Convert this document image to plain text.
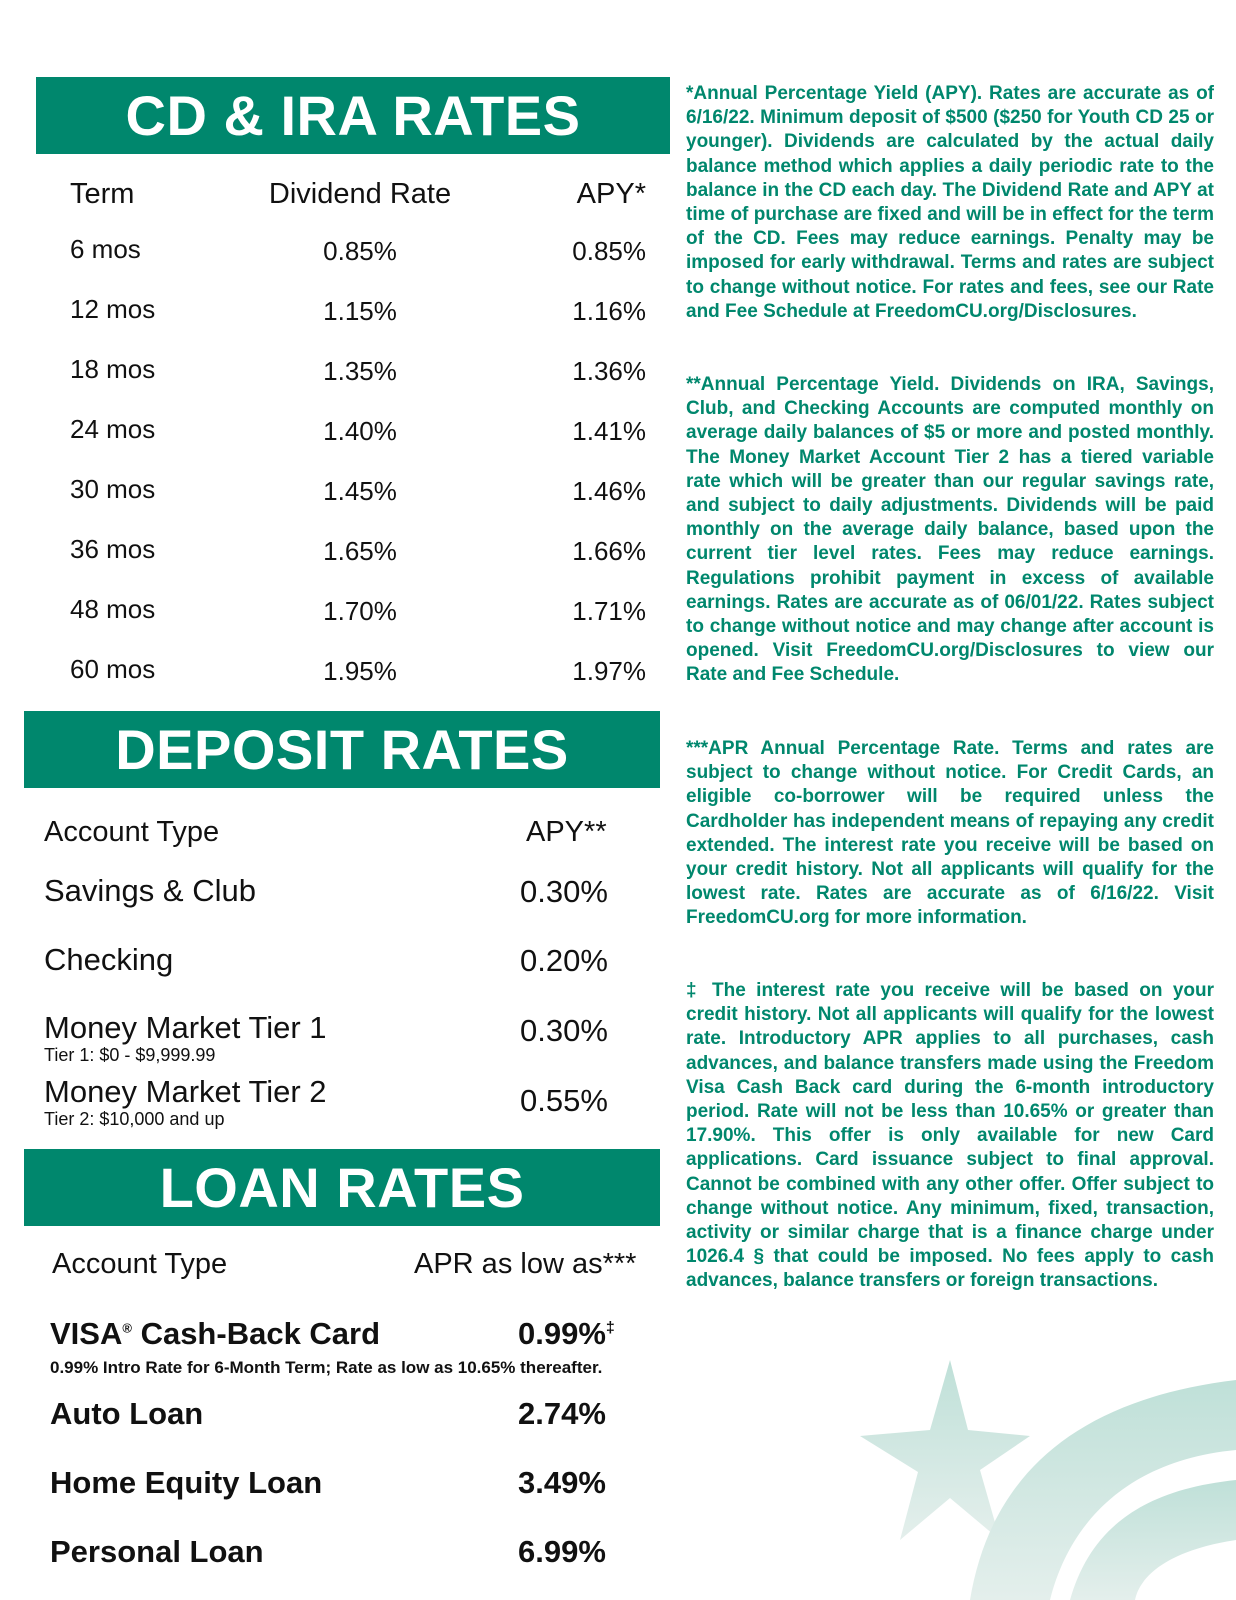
CD & IRA RATES
Term	Dividend Rate	APY*
6 mos	0.85%	0.85%
12 mos	1.15%	1.16%
18 mos	1.35%	1.36%
24 mos	1.40%	1.41%
30 mos	1.45%	1.46%
36 mos	1.65%	1.66%
48 mos	1.70%	1.71%
60 mos	1.95%	1.97%
DEPOSIT RATES
Account Type	APY**
Savings & Club	0.30%
Checking	0.20%
Money Market Tier 1
Tier 1: $0 - $9,999.99
0.30%
Money Market Tier 2
Tier 2: $10,000 and up
0.55%
LOAN RATES
Account Type	APR as low as***
VISA® Cash-Back Card	0.99%‡
0.99% Intro Rate for 6-Month Term; Rate as low as 10.65% thereafter.
Auto Loan	2.74%
Home Equity Loan	3.49%
Personal Loan	6.99%
*Annual Percentage Yield (APY). Rates are accurate as of 6/16/22. Minimum deposit of $500 ($250 for Youth CD 25 or younger). Dividends are calculated by the actual daily balance method which applies a daily periodic rate to the balance in the CD each day. The Dividend Rate and APY at time of purchase are fixed and will be in effect for the term of the CD. Fees may reduce earnings. Penalty may be imposed for early withdrawal. Terms and rates are subject to change without notice. For rates and fees, see our Rate and Fee Schedule at FreedomCU.org/Disclosures.
**Annual Percentage Yield. Dividends on IRA, Savings, Club, and Checking Accounts are computed monthly on average daily balances of $5 or more and posted monthly. The Money Market Account Tier 2 has a tiered variable rate which will be greater than our regular savings rate, and subject to daily adjustments. Dividends will be paid monthly on the average daily balance, based upon the current tier level rates. Fees may reduce earnings. Regulations prohibit payment in excess of available earnings. Rates are accurate as of 06/01/22. Rates subject to change without notice and may change after account is opened. Visit FreedomCU.org/Disclosures to view our Rate and Fee Schedule.
***APR Annual Percentage Rate. Terms and rates are subject to change without notice. For Credit Cards, an eligible co-borrower will be required unless the Cardholder has independent means of repaying any credit extended. The interest rate you receive will be based on your credit history. Not all applicants will qualify for the lowest rate. Rates are accurate as of 6/16/22. Visit FreedomCU.org for more information.
‡ The interest rate you receive will be based on your credit history. Not all applicants will qualify for the lowest rate. Introductory APR applies to all purchases, cash advances, and balance transfers made using the Freedom Visa Cash Back card during the 6-month introductory period. Rate will not be less than 10.65% or greater than 17.90%. This offer is only available for new Card applications. Card issuance subject to final approval. Cannot be combined with any other offer. Offer subject to change without notice. Any minimum, fixed, transaction, activity or similar charge that is a finance charge under 1026.4 § that could be imposed. No fees apply to cash advances, balance transfers or foreign transactions.
